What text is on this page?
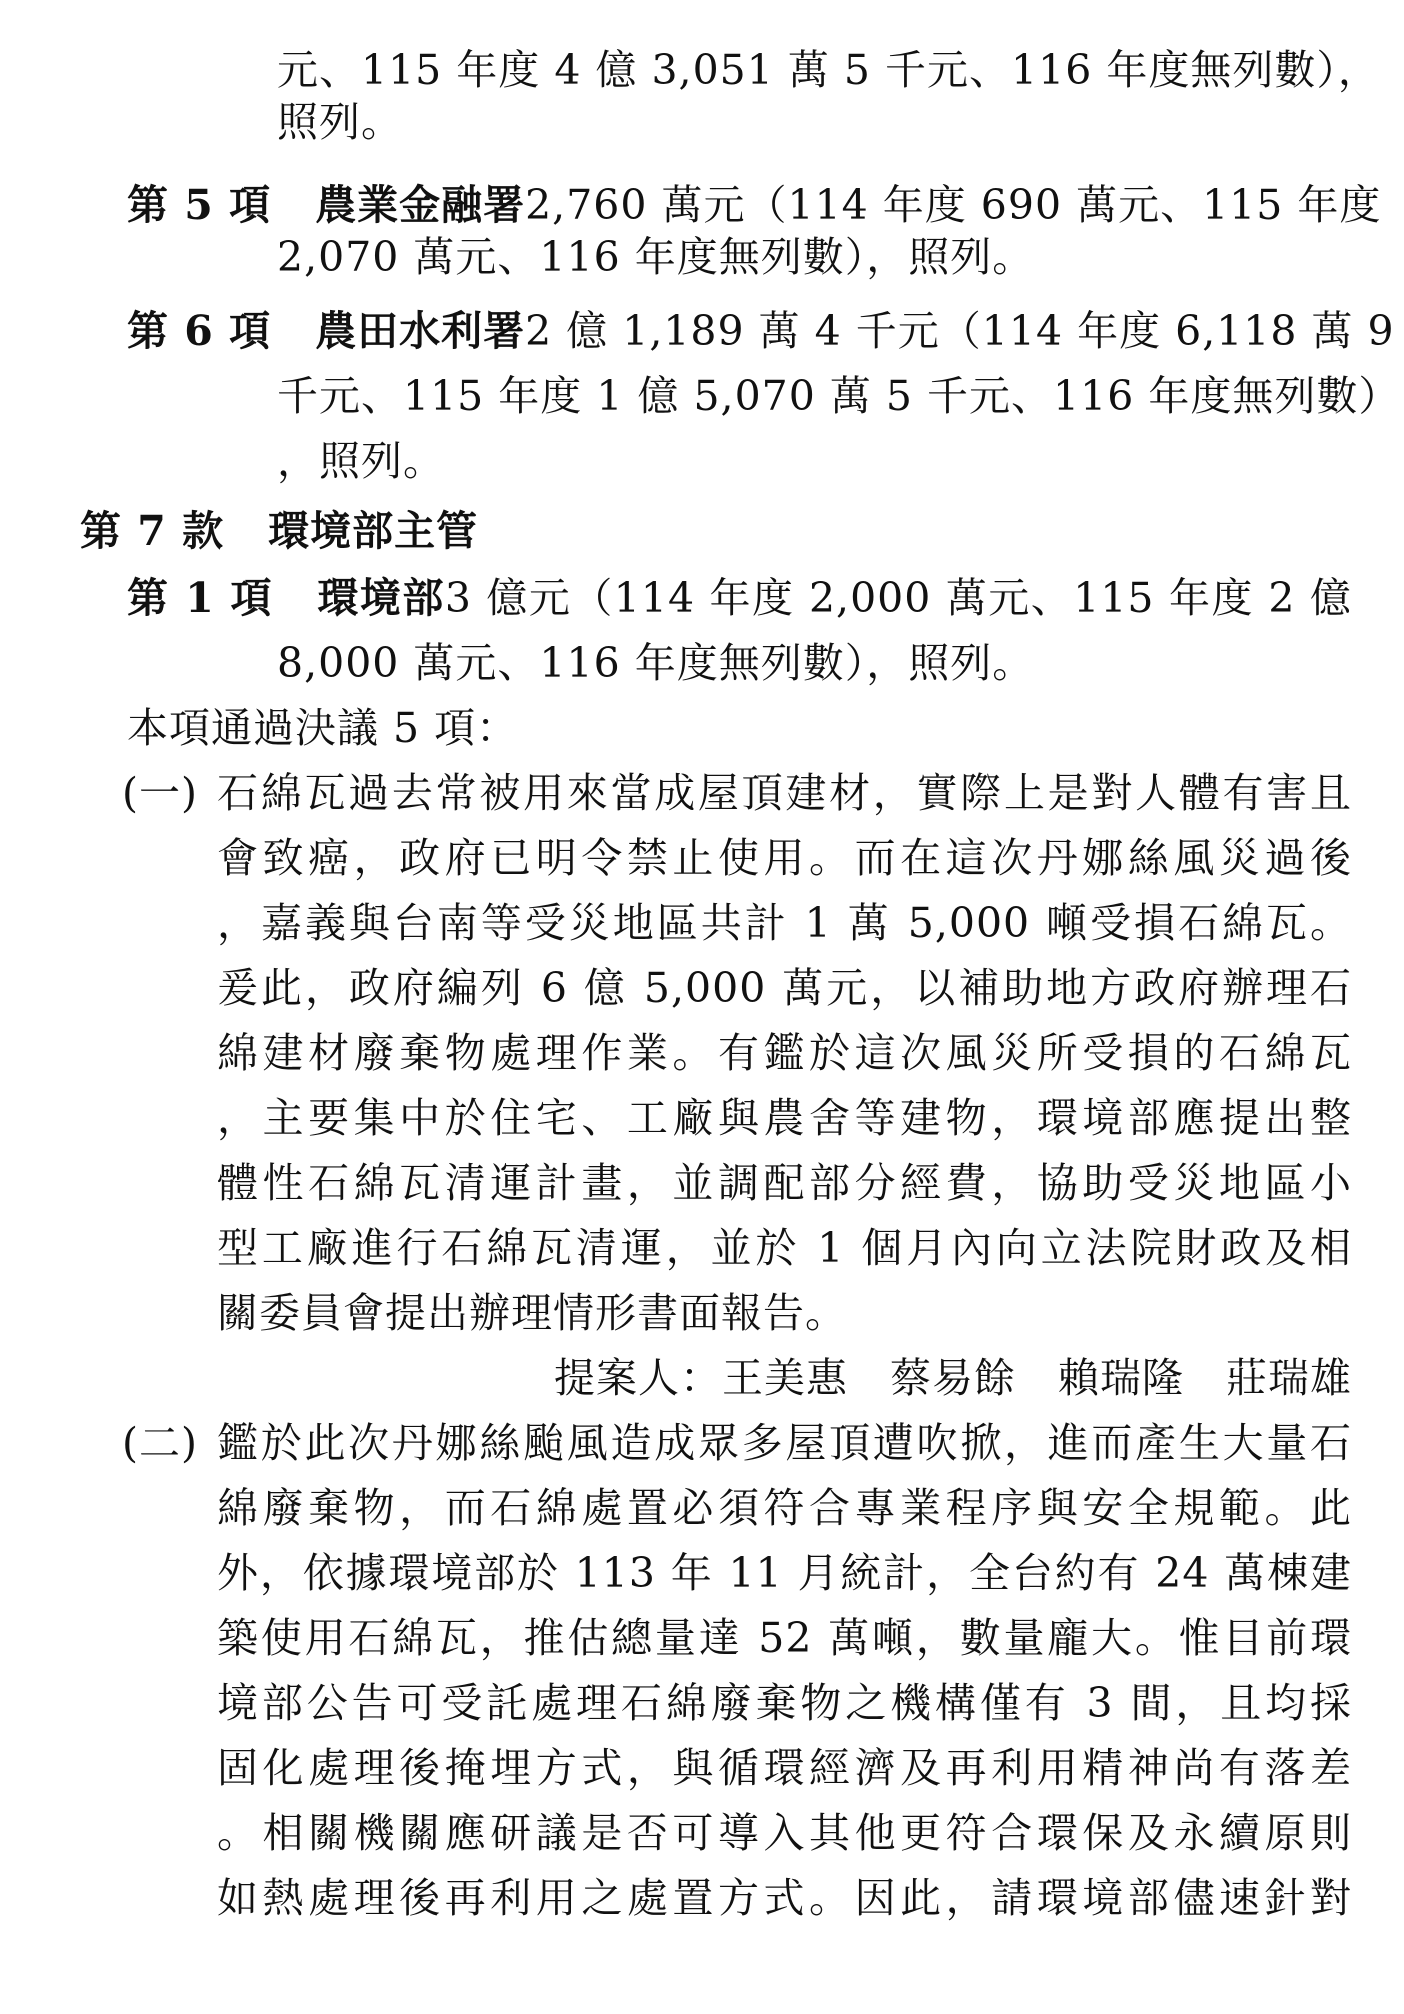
元、115 年度 4 億 3,051 萬 5 千元、116 年度無列數），
照列。
第 5 項 農業金融署2,760 萬元（114 年度 690 萬元、115 年度
2,070 萬元、116 年度無列數），照列。
第 6 項 農田水利署2 億 1,189 萬 4 千元（114 年度 6,118 萬 9
千元、115 年度 1 億 5,070 萬 5 千元、116 年度無列數）
，照列。
第 7 款 環境部主管
第 1 項 環境部3 億元（114 年度 2,000 萬元、115 年度 2 億
8,000 萬元、116 年度無列數），照列。
本項通過決議 5 項：
(一) 石綿瓦過去常被用來當成屋頂建材，實際上是對人體有害且
會致癌，政府已明令禁止使用。而在這次丹娜絲風災過後
，嘉義與台南等受災地區共計 1 萬 5,000 噸受損石綿瓦。
爰此，政府編列 6 億 5,000 萬元，以補助地方政府辦理石
綿建材廢棄物處理作業。有鑑於這次風災所受損的石綿瓦
，主要集中於住宅、工廠與農舍等建物，環境部應提出整
體性石綿瓦清運計畫，並調配部分經費，協助受災地區小
型工廠進行石綿瓦清運，並於 1 個月內向立法院財政及相
關委員會提出辦理情形書面報告。
提案人：王美惠　蔡易餘　賴瑞隆　莊瑞雄
(二) 鑑於此次丹娜絲颱風造成眾多屋頂遭吹掀，進而產生大量石
綿廢棄物，而石綿處置必須符合專業程序與安全規範。此
外，依據環境部於 113 年 11 月統計，全台約有 24 萬棟建
築使用石綿瓦，推估總量達 52 萬噸，數量龐大。惟目前環
境部公告可受託處理石綿廢棄物之機構僅有 3 間，且均採
固化處理後掩埋方式，與循環經濟及再利用精神尚有落差
。相關機關應研議是否可導入其他更符合環保及永續原則
如熱處理後再利用之處置方式。因此，請環境部儘速針對
